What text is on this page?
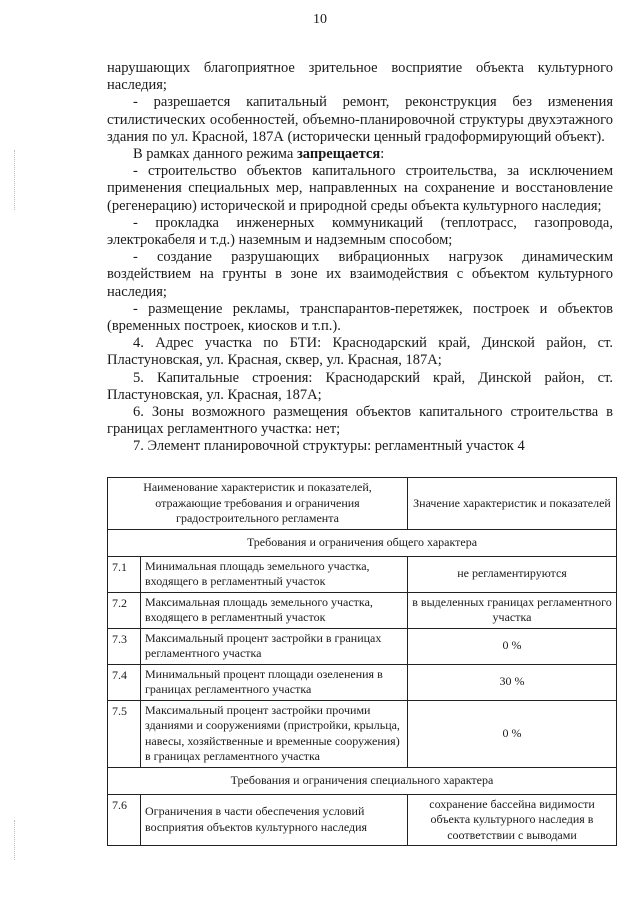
10

нарушающих благоприятное зрительное восприятие объекта культурного наследия;

- разрешается капитальный ремонт, реконструкция без изменения стилистических особенностей, объемно-планировочной структуры двухэтажного здания по ул. Красной, 187А (исторически ценный градоформирующий объект).

В рамках данного режима запрещается:

- строительство объектов капитального строительства, за исключением применения специальных мер, направленных на сохранение и восстановление (регенерацию) исторической и природной среды объекта культурного наследия;

- прокладка инженерных коммуникаций (теплотрасс, газопровода, электрокабеля и т.д.) наземным и надземным способом;

- создание разрушающих вибрационных нагрузок динамическим воздействием на грунты в зоне их взаимодействия с объектом культурного наследия;

- размещение рекламы, транспарантов-перетяжек, построек и объектов (временных построек, киосков и т.п.).

4. Адрес участка по БТИ: Краснодарский край, Динской район, ст. Пластуновская, ул. Красная, сквер, ул. Красная, 187А;

5. Капитальные строения: Краснодарский край, Динской район, ст. Пластуновская, ул. Красная, 187А;

6. Зоны возможного размещения объектов капитального строительства в границах регламентного участка: нет;

7. Элемент планировочной структуры: регламентный участок 4

Наименование характеристик и показателей, отражающие требования и ограничения градостроительного регламента		Значение характеристик и показателей
Требования и ограничения общего характера		
7.1	Минимальная площадь земельного участка, входящего в регламентный участок	не регламентируются
7.2	Максимальная площадь земельного участка, входящего в регламентный участок	в выделенных границах регламентного участка
7.3	Максимальный процент застройки в границах регламентного участка	0 %
7.4	Минимальный процент площади озеленения в границах регламентного участка	30 %
7.5	Максимальный процент застройки прочими зданиями и сооружениями (пристройки, крыльца, навесы, хозяйственные и временные сооружения) в границах регламентного участка	0 %
Требования и ограничения специального характера		
7.6	Ограничения в части обеспечения условий восприятия объектов культурного наследия	сохранение бассейна видимости объекта культурного наследия в соответствии с выводами
